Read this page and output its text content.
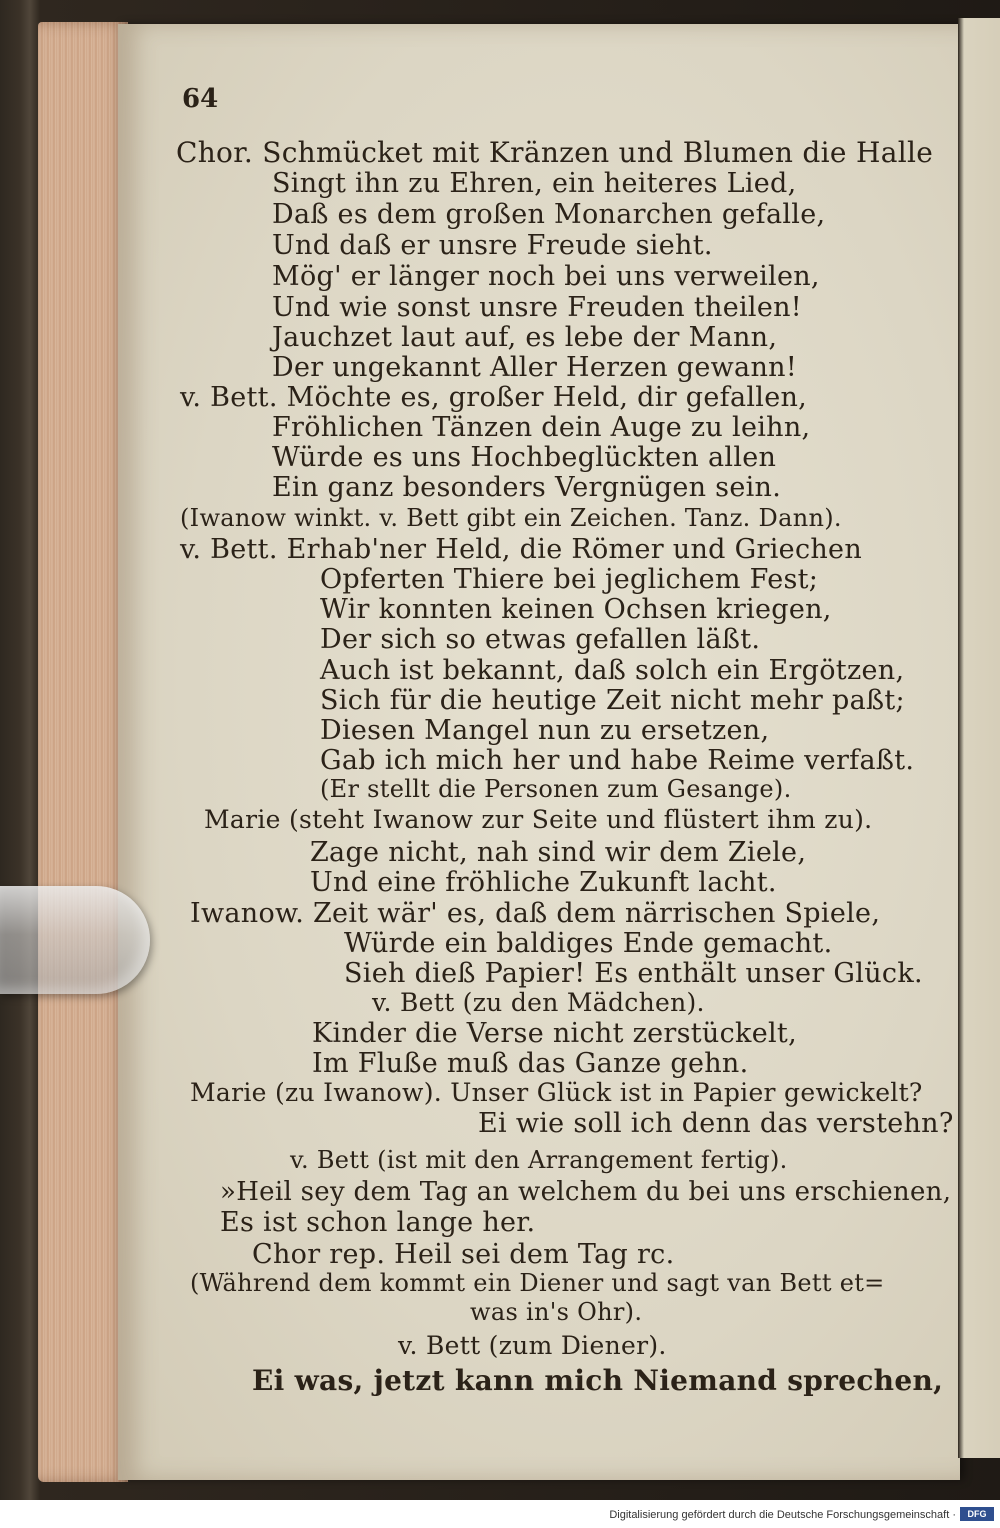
64
Chor. Schmücket mit Kränzen und Blumen die Halle
Singt ihn zu Ehren, ein heiteres Lied,
Daß es dem großen Monarchen gefalle,
Und daß er unsre Freude sieht.
Mög' er länger noch bei uns verweilen,
Und wie sonst unsre Freuden theilen!
Jauchzet laut auf, es lebe der Mann,
Der ungekannt Aller Herzen gewann!
v. Bett. Möchte es, großer Held, dir gefallen,
Fröhlichen Tänzen dein Auge zu leihn,
Würde es uns Hochbeglückten allen
Ein ganz besonders Vergnügen sein.
(Iwanow winkt. v. Bett gibt ein Zeichen. Tanz. Dann).
v. Bett. Erhab'ner Held, die Römer und Griechen
Opferten Thiere bei jeglichem Fest;
Wir konnten keinen Ochsen kriegen,
Der sich so etwas gefallen läßt.
Auch ist bekannt, daß solch ein Ergötzen,
Sich für die heutige Zeit nicht mehr paßt;
Diesen Mangel nun zu ersetzen,
Gab ich mich her und habe Reime verfaßt.
(Er stellt die Personen zum Gesange).
Marie (steht Iwanow zur Seite und flüstert ihm zu).
Zage nicht, nah sind wir dem Ziele,
Und eine fröhliche Zukunft lacht.
Iwanow. Zeit wär' es, daß dem närrischen Spiele,
Würde ein baldiges Ende gemacht.
Sieh dieß Papier! Es enthält unser Glück.
v. Bett (zu den Mädchen).
Kinder die Verse nicht zerstückelt,
Im Fluße muß das Ganze gehn.
Marie (zu Iwanow). Unser Glück ist in Papier gewickelt?
Ei wie soll ich denn das verstehn?
v. Bett (ist mit den Arrangement fertig).
»Heil sey dem Tag an welchem du bei uns erschienen,
Es ist schon lange her.
Chor rep. Heil sei dem Tag rc.
(Während dem kommt ein Diener und sagt van Bett et=
was in's Ohr).
v. Bett (zum Diener).
Ei was, jetzt kann mich Niemand sprechen,
Digitalisierung gefördert durch die Deutsche Forschungsgemeinschaft ·	DFG
